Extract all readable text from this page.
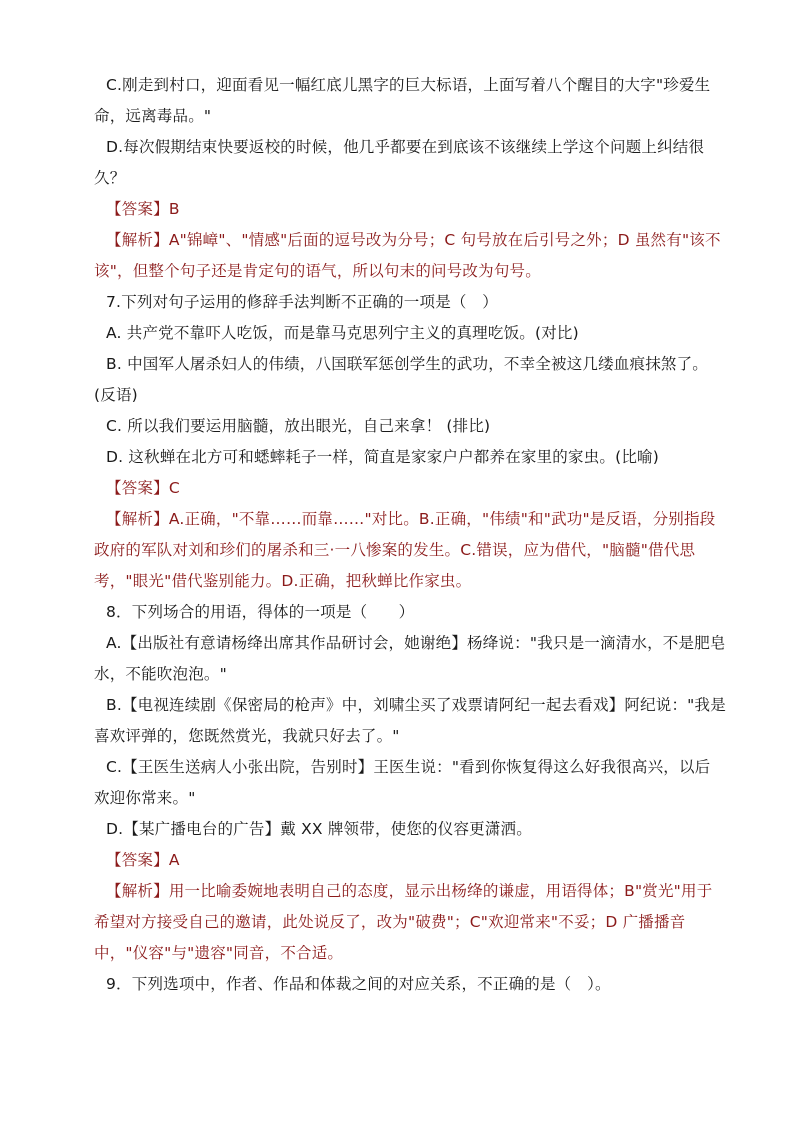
C.刚走到村口，迎面看见一幅红底儿黑字的巨大标语，上面写着八个醒目的大字"珍爱生命，远离毒品。"
D.每次假期结束快要返校的时候，他几乎都要在到底该不该继续上学这个问题上纠结很久？
【答案】B
【解析】A"锦嶂"、"情感"后面的逗号改为分号；C 句号放在后引号之外；D 虽然有"该不该"，但整个句子还是肯定句的语气，所以句末的问号改为句号。
7.下列对句子运用的修辞手法判断不正确的一项是（　）
A. 共产党不靠吓人吃饭，而是靠马克思列宁主义的真理吃饭。(对比)
B. 中国军人屠杀妇人的伟绩，八国联军惩创学生的武功，不幸全被这几缕血痕抹煞了。(反语)
C. 所以我们要运用脑髓，放出眼光，自己来拿！ (排比)
D. 这秋蝉在北方可和蟋蟀耗子一样，简直是家家户户都养在家里的家虫。(比喻)
【答案】C
【解析】A.正确，"不靠……而靠……"对比。B.正确，"伟绩"和"武功"是反语，分别指段政府的军队对刘和珍们的屠杀和三·一八惨案的发生。C.错误，应为借代，"脑髓"借代思考，"眼光"借代鉴别能力。D.正确，把秋蝉比作家虫。
8．下列场合的用语，得体的一项是（　　）
A.【出版社有意请杨绛出席其作品研讨会，她谢绝】杨绛说："我只是一滴清水，不是肥皂水，不能吹泡泡。"
B.【电视连续剧《保密局的枪声》中，刘啸尘买了戏票请阿纪一起去看戏】阿纪说："我是喜欢评弹的，您既然赏光，我就只好去了。"
C.【王医生送病人小张出院，告别时】王医生说："看到你恢复得这么好我很高兴，以后欢迎你常来。"
D.【某广播电台的广告】戴 XX 牌领带，使您的仪容更潇洒。
【答案】A
【解析】用一比喻委婉地表明自己的态度，显示出杨绛的谦虚，用语得体；B"赏光"用于希望对方接受自己的邀请，此处说反了，改为"破费"；C"欢迎常来"不妥；D 广播播音中，"仪容"与"遗容"同音，不合适。
9．下列选项中，作者、作品和体裁之间的对应关系，不正确的是（　）。
